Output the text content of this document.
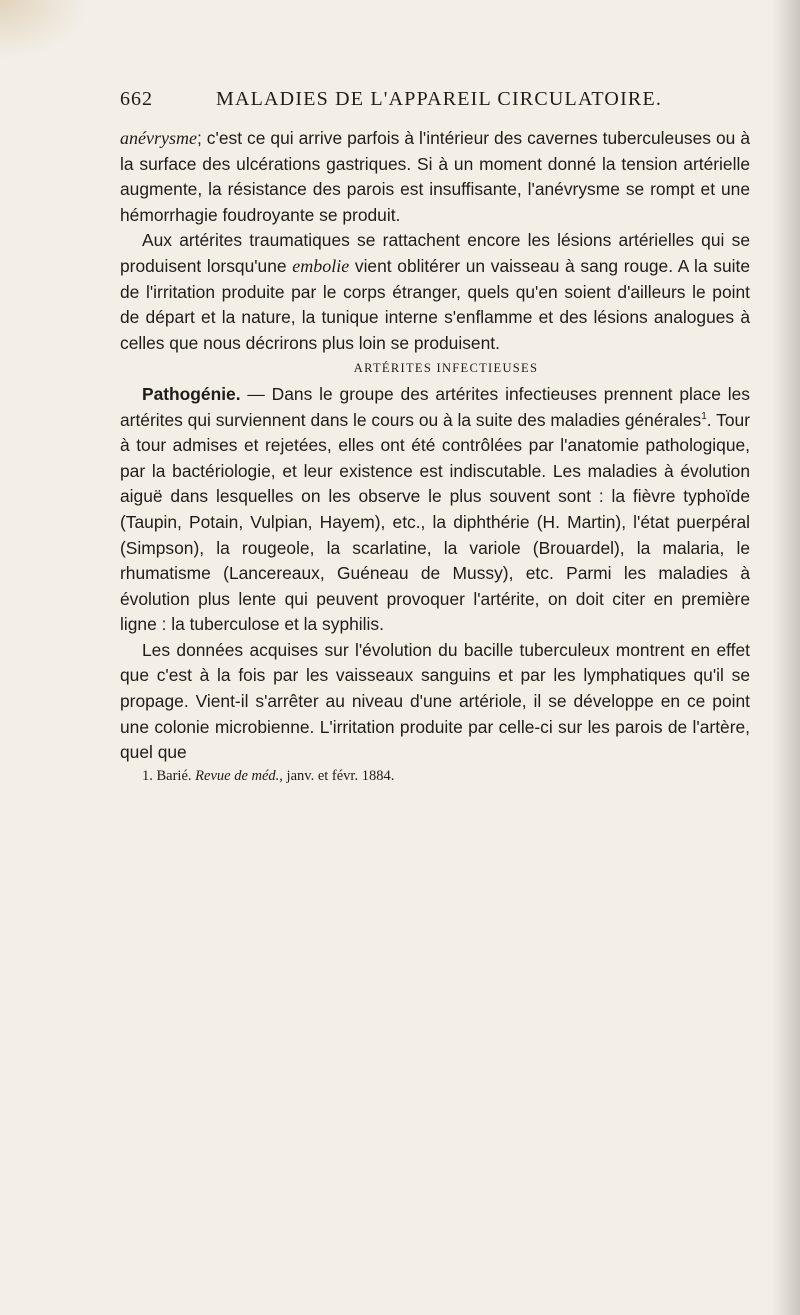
662	MALADIES DE L'APPAREIL CIRCULATOIRE.

anévrysme; c'est ce qui arrive parfois à l'intérieur des cavernes tuberculeuses ou à la surface des ulcérations gastriques. Si à un moment donné la tension artérielle augmente, la résistance des parois est insuffisante, l'anévrysme se rompt et une hémorrhagie foudroyante se produit.

Aux artérites traumatiques se rattachent encore les lésions artérielles qui se produisent lorsqu'une embolie vient oblitérer un vaisseau à sang rouge. A la suite de l'irritation produite par le corps étranger, quels qu'en soient d'ailleurs le point de départ et la nature, la tunique interne s'enflamme et des lésions analogues à celles que nous décrirons plus loin se produisent.

ARTÉRITES INFECTIEUSES

Pathogénie. — Dans le groupe des artérites infectieuses prennent place les artérites qui surviennent dans le cours ou à la suite des maladies générales$^1$. Tour à tour admises et rejetées, elles ont été contrôlées par l'anatomie pathologique, par la bactériologie, et leur existence est indiscutable. Les maladies à évolution aiguë dans lesquelles on les observe le plus souvent sont : la fièvre typhoïde (Taupin, Potain, Vulpian, Hayem), etc., la diphthérie (H. Martin), l'état puerpéral (Simpson), la rougeole, la scarlatine, la variole (Brouardel), la malaria, le rhumatisme (Lancereaux, Guéneau de Mussy), etc. Parmi les maladies à évolution plus lente qui peuvent provoquer l'artérite, on doit citer en première ligne : la tuberculose et la syphilis.

Les données acquises sur l'évolution du bacille tuberculeux montrent en effet que c'est à la fois par les vaisseaux sanguins et par les lymphatiques qu'il se propage. Vient-il s'arrêter au niveau d'une artériole, il se développe en ce point une colonie microbienne. L'irritation produite par celle-ci sur les parois de l'artère, quel que

1. Barié. Revue de méd., janv. et févr. 1884.
